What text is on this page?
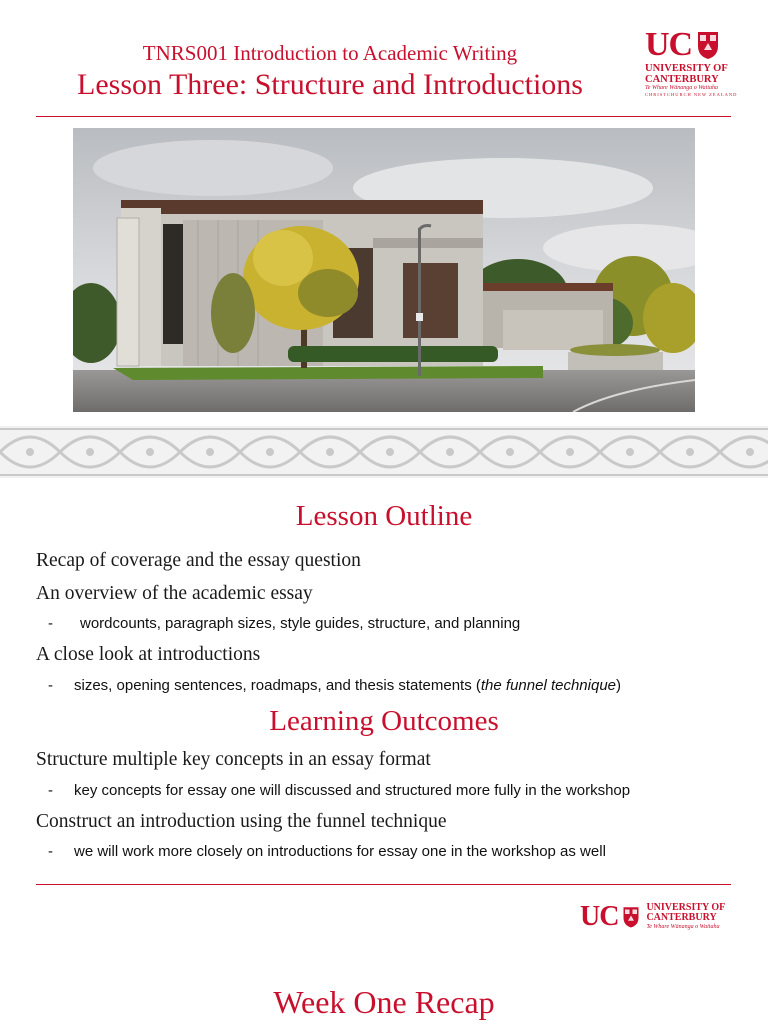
TNRS001 Introduction to Academic Writing
Lesson Three: Structure and Introductions
UC
UNIVERSITY OF
CANTERBURY
Te Whare Wānanga o Waitaha
CHRISTCHURCH NEW ZEALAND
Lesson Outline
Recap of coverage and the essay question
An overview of the academic essay
- wordcounts, paragraph sizes, style guides, structure, and planning
A close look at introductions
- sizes, opening sentences, roadmaps, and thesis statements (the funnel technique)
Learning Outcomes
Structure multiple key concepts in an essay format
- key concepts for essay one will discussed and structured more fully in the workshop
Construct an introduction using the funnel technique
- we will work more closely on introductions for essay one in the workshop as well
UC	UNIVERSITY OF
CANTERBURY
Te Whare Wānanga o Waitaha
Week One Recap
